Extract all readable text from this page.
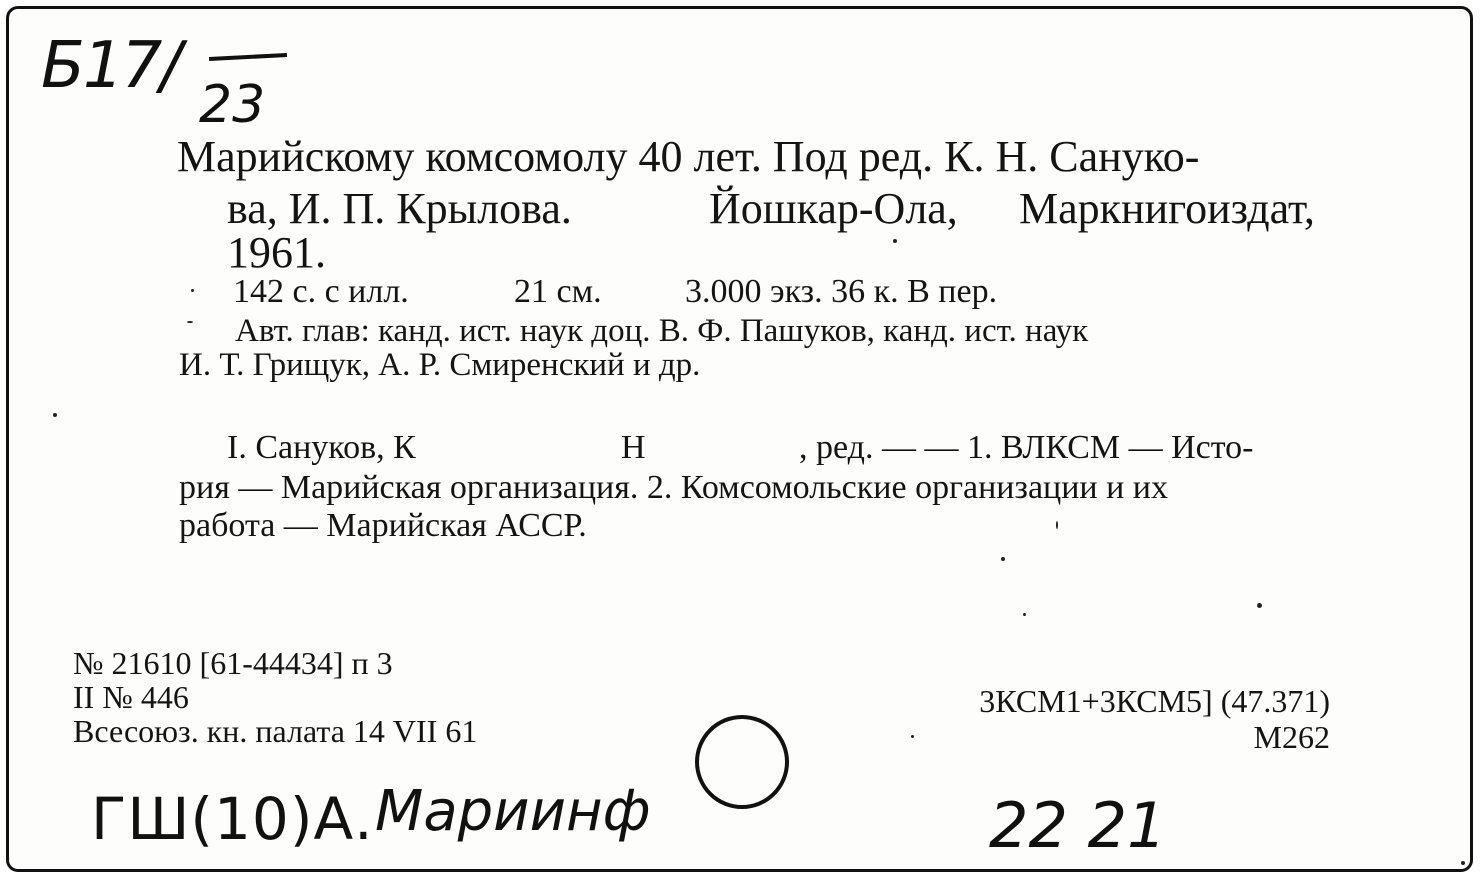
Б17/
23
Марийскому комсомолу 40 лет. Под ред. К. Н. Сануко-
ва, И. П. Крылова.	Йошкар-Ола, Маркнигоиздат,
1961.
142 с. с илл.	21 см. 3.000 экз. 36 к. В пер.
Авт. глав: канд. ист. наук доц. В. Ф. Пашуков, канд. ист. наук
И. Т. Грищук, А. Р. Смиренский и др.
I. Сануков, К	Н	, ред. — — 1. ВЛКСМ — Исто-
рия — Марийская организация. 2. Комсомольские организации и их
работа — Марийская АССР.
№ 21610 [61-44434] п 3
II № 446
Всесоюз. кн. палата 14 VII 61
3КСМ1+3КСМ5] (47.371)
М262
ГШ(10)А. Мариинф	22 21
